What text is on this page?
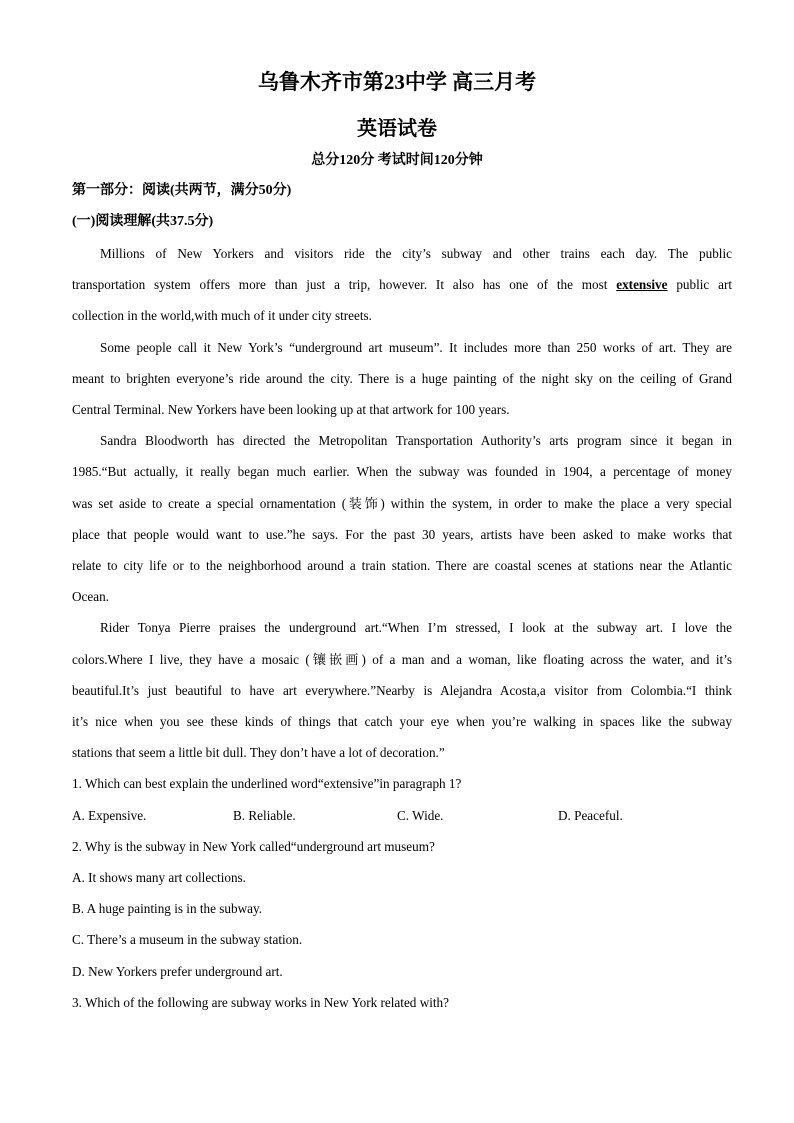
乌鲁木齐市第23中学 高三月考
英语试卷
总分120分 考试时间120分钟
第一部分：阅读(共两节，满分50分)
(一)阅读理解(共37.5分)
Millions of New Yorkers and visitors ride the city’s subway and other trains each day. The public
transportation system offers more than just a trip, however. It also has one of the most extensive public art
collection in the world,with much of it under city streets.
Some people call it New York’s “underground art museum”. It includes more than 250 works of art. They are
meant to brighten everyone’s ride around the city. There is a huge painting of the night sky on the ceiling of Grand
Central Terminal. New Yorkers have been looking up at that artwork for 100 years.
Sandra Bloodworth has directed the Metropolitan Transportation Authority’s arts program since it began in
1985.“But actually, it really began much earlier. When the subway was founded in 1904, a percentage of money
was set aside to create a special ornamentation (装饰) within the system, in order to make the place a very special
place that people would want to use.”he says. For the past 30 years, artists have been asked to make works that
relate to city life or to the neighborhood around a train station. There are coastal scenes at stations near the Atlantic
Ocean.
Rider Tonya Pierre praises the underground art.“When I’m stressed, I look at the subway art. I love the
colors.Where I live, they have a mosaic (镶嵌画) of a man and a woman, like floating across the water, and it’s
beautiful.It’s just beautiful to have art everywhere.”Nearby is Alejandra Acosta,a visitor from Colombia.“I think
it’s nice when you see these kinds of things that catch your eye when you’re walking in spaces like the subway
stations that seem a little bit dull. They don’t have a lot of decoration.”
1. Which can best explain the underlined word“extensive”in paragraph 1?
A. Expensive.	B. Reliable.	C. Wide.	D. Peaceful.
2. Why is the subway in New York called“underground art museum?
A. It shows many art collections.
B. A huge painting is in the subway.
C. There’s a museum in the subway station.
D. New Yorkers prefer underground art.
3. Which of the following are subway works in New York related with?
